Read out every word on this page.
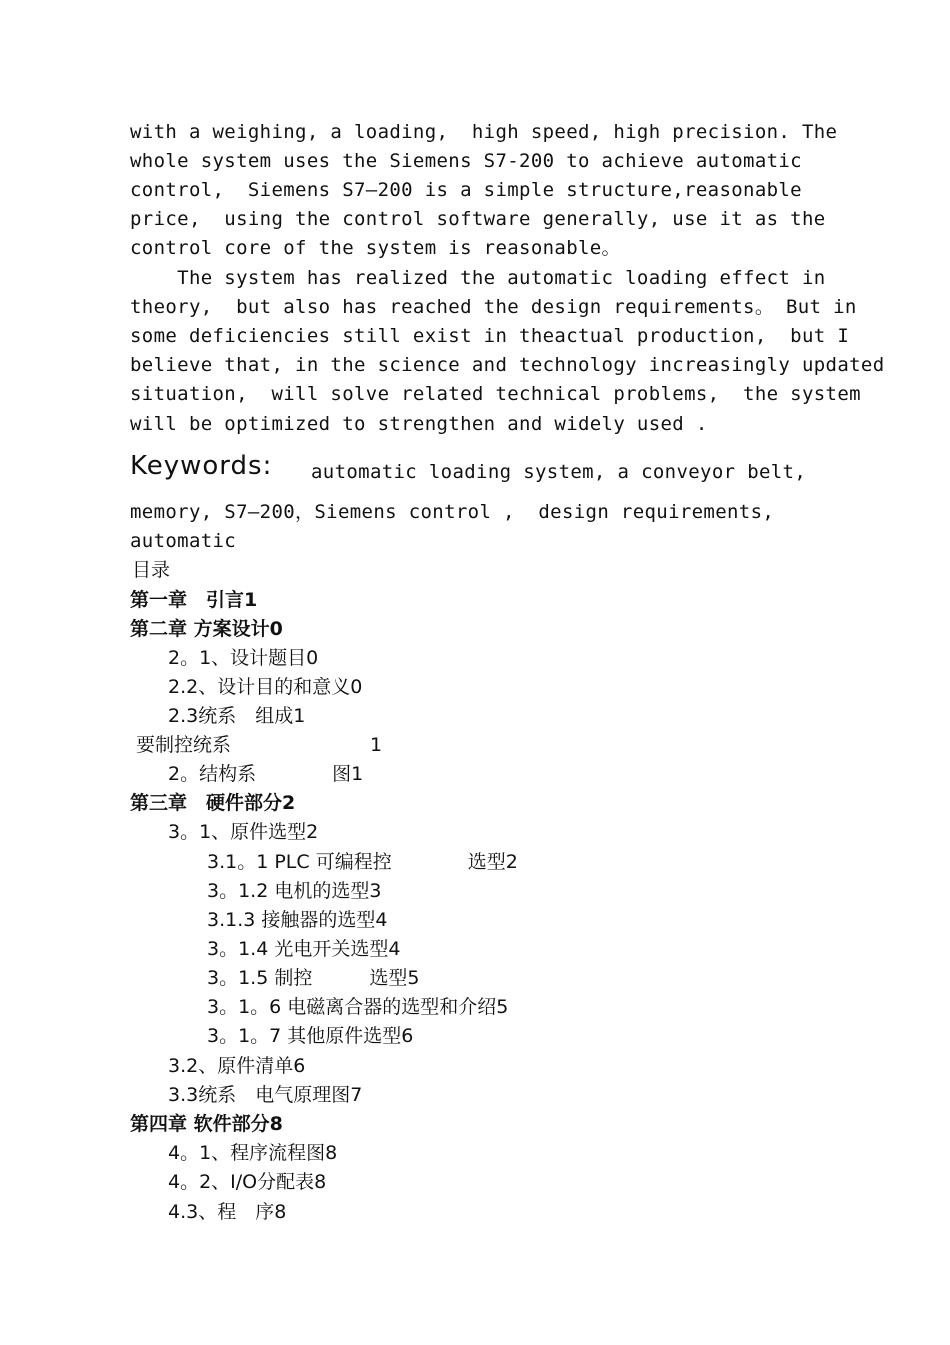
with a weighing, a loading,  high speed, high precision. The
whole system uses the Siemens S7-200 to achieve automatic
control,  Siemens S7—200 is a simple structure,reasonable
price,  using the control software generally, use it as the
control core of the system is reasonable。
The system has realized the automatic loading effect in
theory,  but also has reached the design requirements。 But in
some deficiencies still exist in theactual production,  but I
believe that, in the science and technology increasingly updated
situation,  will solve related technical problems,  the system
will be optimized to strengthen and widely used .
Keywords: automatic loading system, a conveyor belt,
memory, S7—200，Siemens control ,  design requirements,
automatic
目录
第一章　引言1
第二章 方案设计0
2。1、设计题目0
2.2、设计目的和意义0
2.3统系　组成1
要制控统系　　　　　　　 1
2。结构系　　　　图1
第三章　硬件部分2
3。1、原件选型2
3.1。1 PLC 可编程控　　　　选型2
3。1.2 电机的选型3
3.1.3 接触器的选型4
3。1.4 光电开关选型4
3。1.5 制控　　　选型5
3。1。6 电磁离合器的选型和介绍5
3。1。7 其他原件选型6
3.2、原件清单6
3.3统系　电气原理图7
第四章 软件部分8
4。1、程序流程图8
4。2、I/O分配表8
4.3、程　序8
